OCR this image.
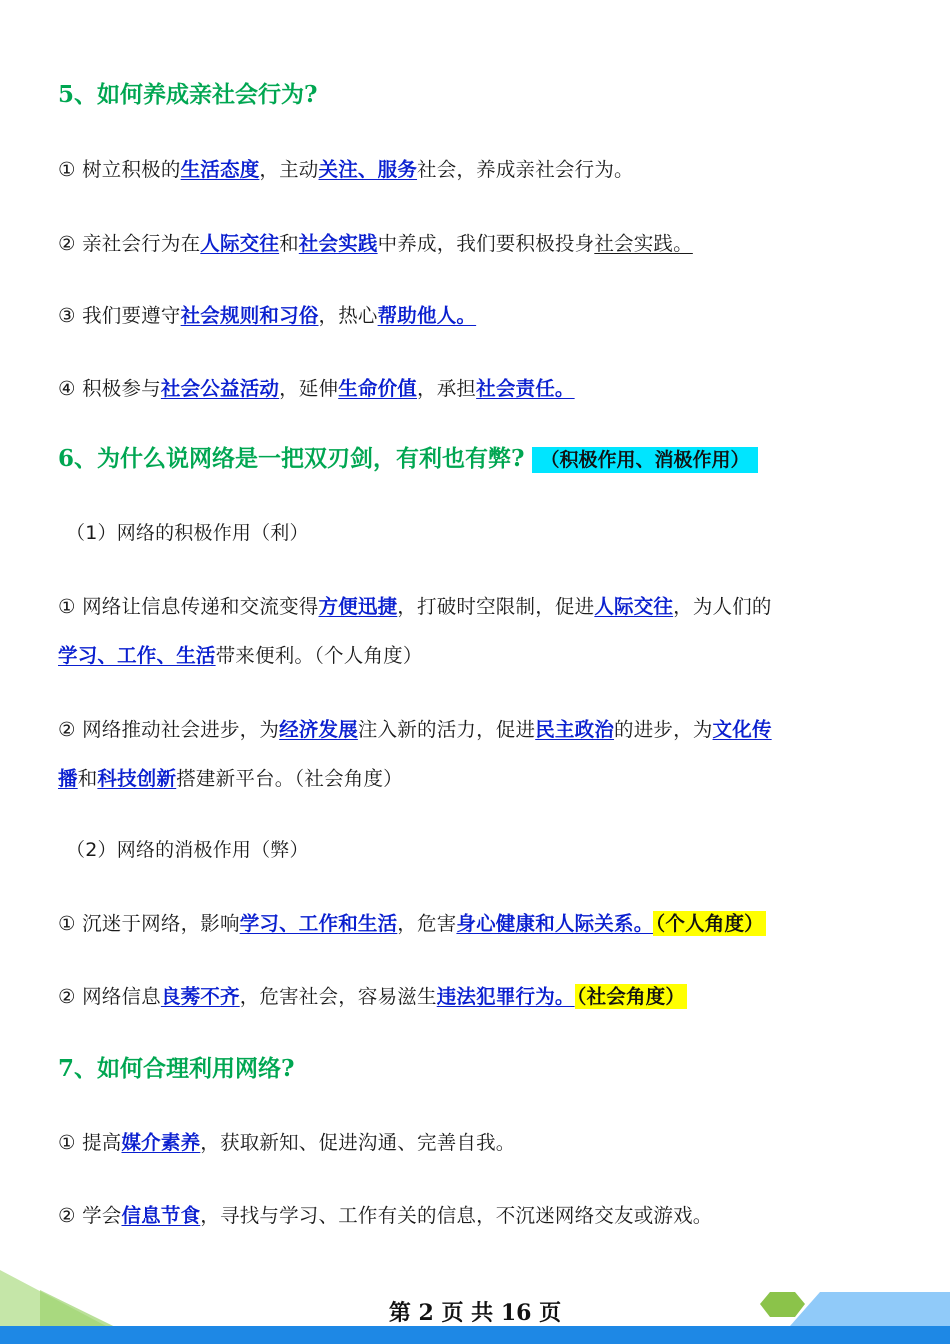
5、如何养成亲社会行为?
① 树立积极的生活态度，主动关注、服务社会，养成亲社会行为。
② 亲社会行为在人际交往和社会实践中养成，我们要积极投身社会实践。
③ 我们要遵守社会规则和习俗，热心帮助他人。
④ 积极参与社会公益活动，延伸生命价值，承担社会责任。
6、为什么说网络是一把双刃剑，有利也有弊? （积极作用、消极作用）
（1）网络的积极作用（利）
① 网络让信息传递和交流变得方便迅捷，打破时空限制，促进人际交往，为人们的
学习、工作、生活带来便利。（个人角度）
② 网络推动社会进步，为经济发展注入新的活力，促进民主政治的进步，为文化传
播和科技创新搭建新平台。（社会角度）
（2）网络的消极作用（弊）
① 沉迷于网络，影响学习、工作和生活，危害身心健康和人际关系。 （个人角度）
② 网络信息良莠不齐，危害社会，容易滋生违法犯罪行为。 （社会角度）
7、如何合理利用网络?
① 提高媒介素养，获取新知、促进沟通、完善自我。
② 学会信息节食，寻找与学习、工作有关的信息，不沉迷网络交友或游戏。
第 2 页 共 16 页
